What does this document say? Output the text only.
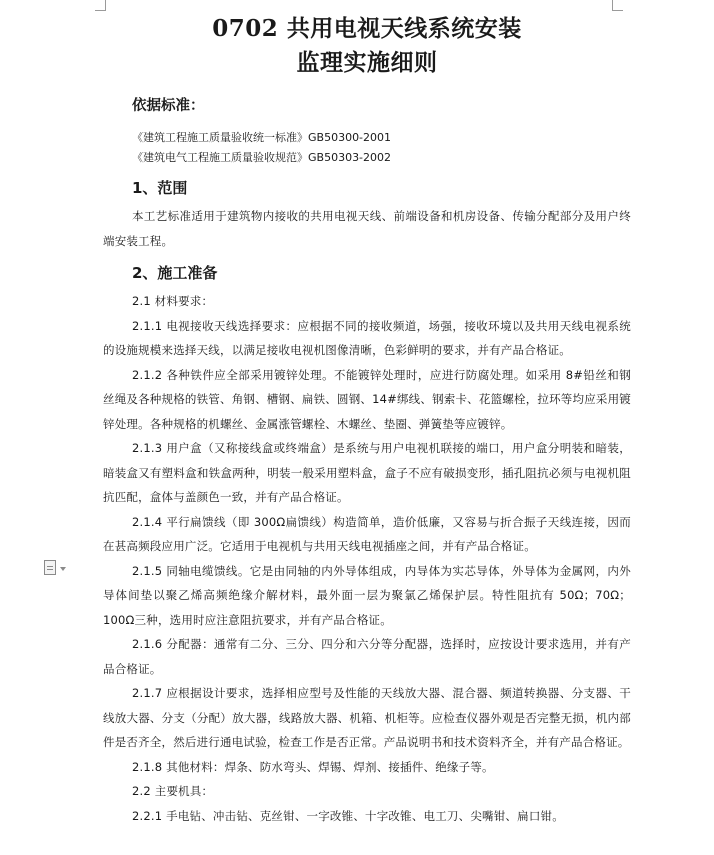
0702 共用电视天线系统安装
监理实施细则
依据标准：
《建筑工程施工质量验收统一标准》GB50300-2001
《建筑电气工程施工质量验收规范》GB50303-2002
1、范围

本工艺标准适用于建筑物内接收的共用电视天线、前端设备和机房设备、传输分配部分及用户终端安装工程。

2、施工准备

2.1 材料要求：

2.1.1 电视接收天线选择要求：应根据不同的接收频道，场强，接收环境以及共用天线电视系统的设施规模来选择天线，以满足接收电视机图像清晰，色彩鲜明的要求，并有产品合格证。

2.1.2 各种铁件应全部采用镀锌处理。不能镀锌处理时，应进行防腐处理。如采用 8#铅丝和钢丝绳及各种规格的铁管、角钢、槽钢、扁铁、圆钢、14#绑线、钢索卡、花篮螺栓，拉环等均应采用镀锌处理。各种规格的机螺丝、金属涨管螺栓、木螺丝、垫圈、弹簧垫等应镀锌。

2.1.3 用户盒（又称接线盒或终端盒）是系统与用户电视机联接的端口，用户盒分明装和暗装，暗装盒又有塑料盒和铁盒两种，明装一般采用塑料盒，盒子不应有破损变形，插孔阻抗必须与电视机阻抗匹配，盒体与盖颜色一致，并有产品合格证。

2.1.4 平行扁馈线（即 300Ω扁馈线）构造简单，造价低廉，又容易与折合振子天线连接，因而在甚高频段应用广泛。它适用于电视机与共用天线电视插座之间，并有产品合格证。

2.1.5 同轴电缆馈线。它是由同轴的内外导体组成，内导体为实芯导体，外导体为金属网，内外导体间垫以聚乙烯高频绝缘介解材料，最外面一层为聚氯乙烯保护层。特性阻抗有 50Ω；70Ω；100Ω三种，选用时应注意阻抗要求，并有产品合格证。

2.1.6 分配器：通常有二分、三分、四分和六分等分配器，选择时，应按设计要求选用，并有产品合格证。

2.1.7 应根据设计要求，选择相应型号及性能的天线放大器、混合器、频道转换器、分支器、干线放大器、分支（分配）放大器，线路放大器、机箱、机柜等。应检查仪器外观是否完整无损，机内部件是否齐全，然后进行通电试验，检查工作是否正常。产品说明书和技术资料齐全，并有产品合格证。

2.1.8 其他材料：焊条、防水弯头、焊锡、焊剂、接插件、绝缘子等。

2.2 主要机具：

2.2.1 手电钻、冲击钻、克丝钳、一字改锥、十字改锥、电工刀、尖嘴钳、扁口钳。
